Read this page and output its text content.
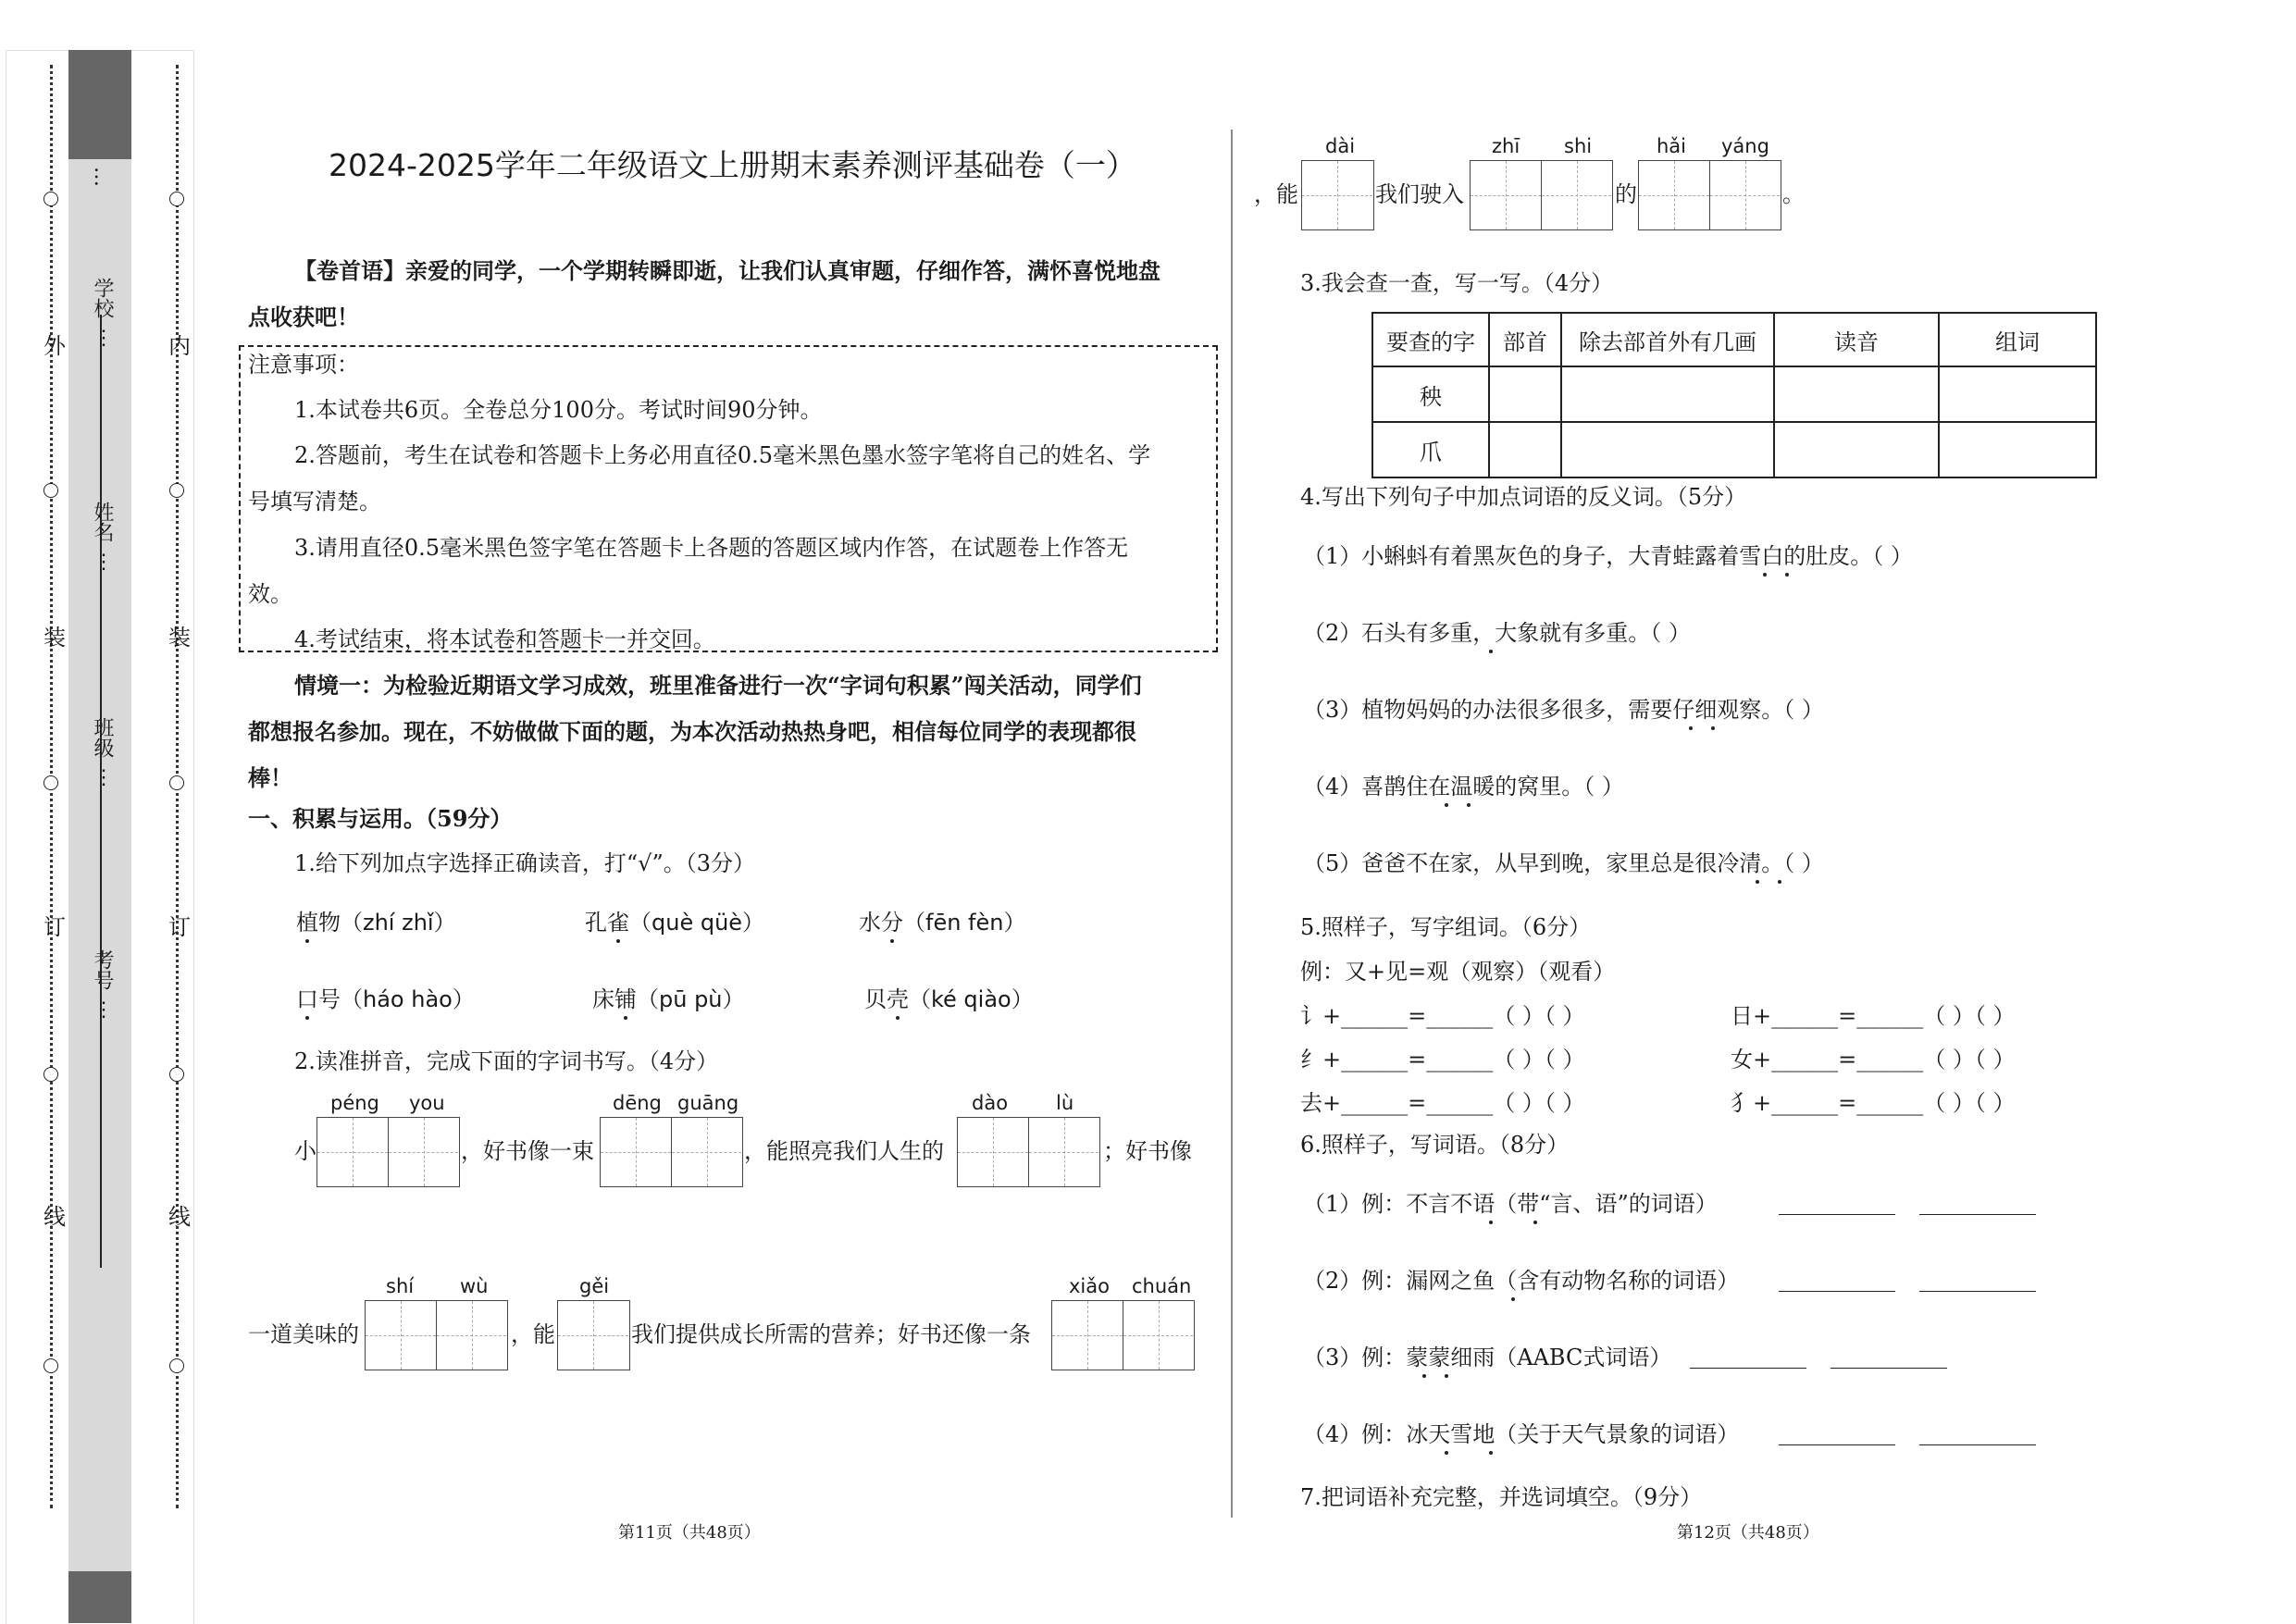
外
装
订
线
内
装
订
线
…
学校
⋮
姓名
⋮
班级
⋮
考号
⋮
2024-2025学年二年级语文上册期末素养测评基础卷（一）
【卷首语】亲爱的同学，一个学期转瞬即逝，让我们认真审题，仔细作答，满怀喜悦地盘
点收获吧！
注意事项：
1.本试卷共6页。全卷总分100分。考试时间90分钟。
2.答题前，考生在试卷和答题卡上务必用直径0.5毫米黑色墨水签字笔将自己的姓名、学
号填写清楚。
3.请用直径0.5毫米黑色签字笔在答题卡上各题的答题区域内作答，在试题卷上作答无
效。
4.考试结束，将本试卷和答题卡一并交回。
情境一：为检验近期语文学习成效，班里准备进行一次“字词句积累”闯关活动，同学们
都想报名参加。现在，不妨做做下面的题，为本次活动热热身吧，相信每位同学的表现都很
棒！
一、积累与运用。（59分）
1.给下列加点字选择正确读音，打“√”。（3分）
植物（zhí zhǐ）	孔雀（què qüè）	水分（fēn fèn）
口号（háo hào）	床铺（pū pù）	贝壳（ké qiào）
2.读准拼音，完成下面的字词书写。（4分）
小
péng you
，好书像一束
dēng guāng
，能照亮我们人生的
dào lù
；好书像
一道美味的
shí wù
，能
gěi
我们提供成长所需的营养；好书还像一条
xiǎo chuán
第11页（共48页）
，能
dài
我们驶入
zhī shi
的
hǎi yáng
。
3.我会查一查，写一写。（4分）
要查的字	部首	除去部首外有几画	读音	组词
秧				
爪				
4.写出下列句子中加点词语的反义词。（5分）
（1）小蝌蚪有着黑灰色的身子，大青蛙露着雪白的肚皮。（ ）
（2）石头有多重，大象就有多重。（ ）
（3）植物妈妈的办法很多很多，需要仔细观察。（ ）
（4）喜鹊住在温暖的窝里。（ ）
（5）爸爸不在家，从早到晚，家里总是很冷清。（ ）
5.照样子，写字组词。（6分）
例：又+见=观（观察）（观看）
讠+______=______（ ）（ ）	日+______=______（ ）（ ）
纟+______=______（ ）（ ）	女+______=______（ ）（ ）
去+______=______（ ）（ ）	犭+______=______（ ）（ ）
6.照样子，写词语。（8分）
（1）例：不言不语（带“言、语”的词语）
（2）例：漏网之鱼（含有动物名称的词语）
（3）例：蒙蒙细雨（AABC式词语）
（4）例：冰天雪地（关于天气景象的词语）
7.把词语补充完整，并选词填空。（9分）
第12页（共48页）
